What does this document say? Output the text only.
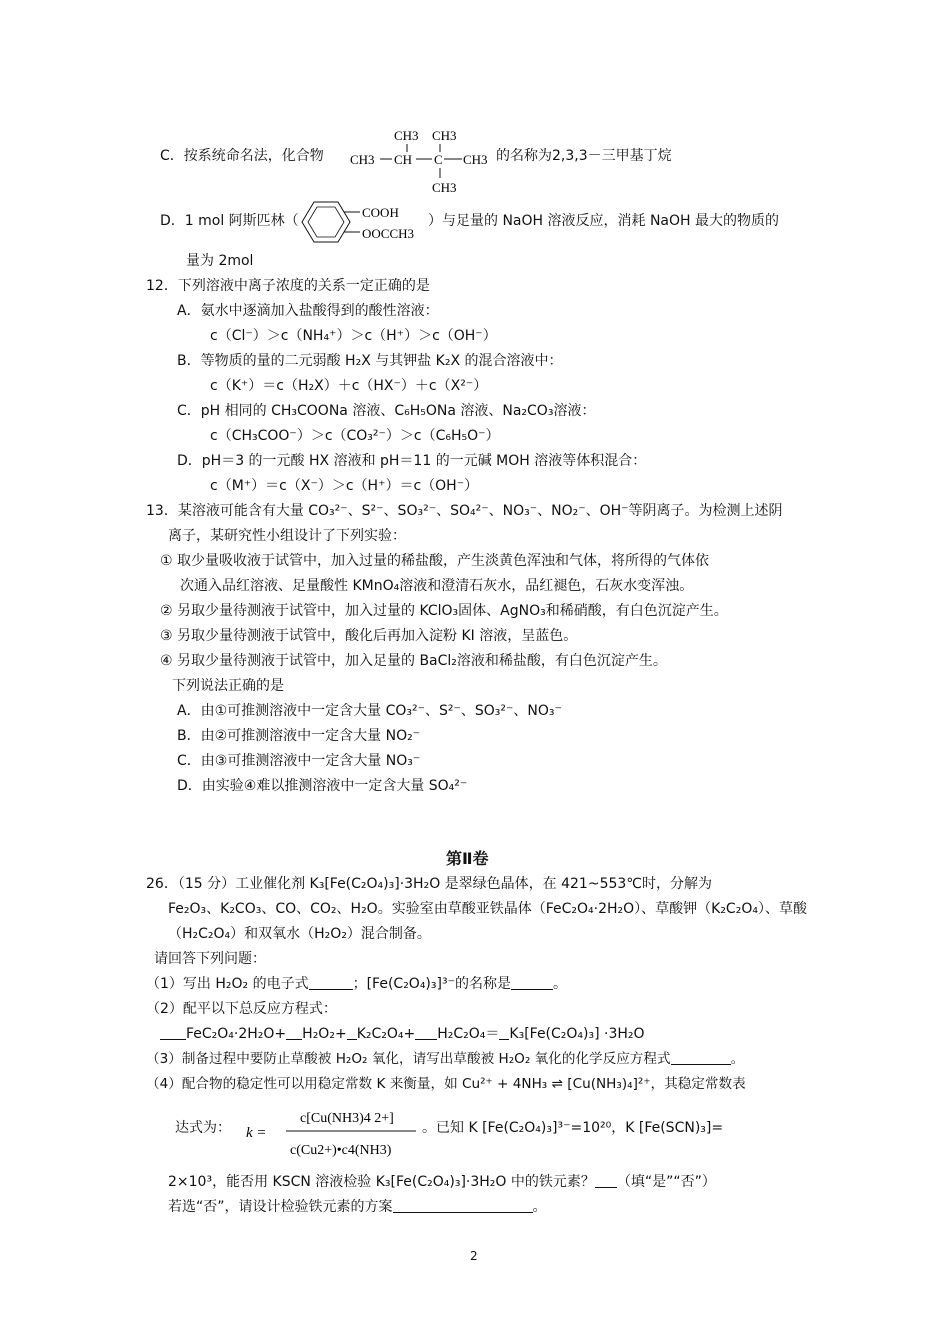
C．按系统命名法，化合物
CH3 CH3
CH3 CH C CH3
CH3
的名称为2,3,3－三甲基丁烷
D．1 mol 阿斯匹林（
COOH
OOCCH3
）与足量的 NaOH 溶液反应，消耗 NaOH 最大的物质的
量为 2mol
12．下列溶液中离子浓度的关系一定正确的是
A．氨水中逐滴加入盐酸得到的酸性溶液：
c（Cl⁻）＞c（NH₄⁺）＞c（H⁺）＞c（OH⁻）
B．等物质的量的二元弱酸 H₂X 与其钾盐 K₂X 的混合溶液中：
c（K⁺）＝c（H₂X）＋c（HX⁻）＋c（X²⁻）
C．pH 相同的 CH₃COONa 溶液、C₆H₅ONa 溶液、Na₂CO₃溶液：
c（CH₃COO⁻）＞c（CO₃²⁻）＞c（C₆H₅O⁻）
D．pH＝3 的一元酸 HX 溶液和 pH＝11 的一元碱 MOH 溶液等体积混合：
c（M⁺）＝c（X⁻）＞c（H⁺）＝c（OH⁻）
13．某溶液可能含有大量 CO₃²⁻、S²⁻、SO₃²⁻、SO₄²⁻、NO₃⁻、NO₂⁻、OH⁻等阴离子。为检测上述阴
离子，某研究性小组设计了下列实验：
① 取少量吸收液于试管中，加入过量的稀盐酸，产生淡黄色浑浊和气体，将所得的气体依
次通入品红溶液、足量酸性 KMnO₄溶液和澄清石灰水，品红褪色，石灰水变浑浊。
② 另取少量待测液于试管中，加入过量的 KClO₃固体、AgNO₃和稀硝酸，有白色沉淀产生。
③ 另取少量待测液于试管中，酸化后再加入淀粉 KI 溶液，呈蓝色。
④ 另取少量待测液于试管中，加入足量的 BaCl₂溶液和稀盐酸，有白色沉淀产生。
下列说法正确的是
A．由①可推测溶液中一定含大量 CO₃²⁻、S²⁻、SO₃²⁻、NO₃⁻
B．由②可推测溶液中一定含大量 NO₂⁻
C．由③可推测溶液中一定含大量 NO₃⁻
D．由实验④难以推测溶液中一定含大量 SO₄²⁻
第Ⅱ卷
26．（15 分）工业催化剂 K₃[Fe(C₂O₄)₃]·3H₂O 是翠绿色晶体，在 421~553℃时，分解为
Fe₂O₃、K₂CO₃、CO、CO₂、H₂O。实验室由草酸亚铁晶体（FeC₂O₄·2H₂O）、草酸钾（K₂C₂O₄）、草酸
（H₂C₂O₄）和双氧水（H₂O₂）混合制备。
请回答下列问题：
（1）写出 H₂O₂ 的电子式	；[Fe(C₂O₄)₃]³⁻的名称是	。
（2）配平以下总反应方程式：
FeC₂O₄·2H₂O+ H₂O₂+ K₂C₂O₄+ H₂C₂O₄＝ K₃[Fe(C₂O₄)₃] ·3H₂O
（3）制备过程中要防止草酸被 H₂O₂ 氧化，请写出草酸被 H₂O₂ 氧化的化学反应方程式	。
（4）配合物的稳定性可以用稳定常数 K 来衡量，如 Cu²⁺ + 4NH₃ ⇌ [Cu(NH₃)₄]²⁺，其稳定常数表
达式为： k =
c[Cu(NH3)4 2+]
c(Cu2+)•c4(NH3)
。已知 K [Fe(C₂O₄)₃]³⁻=10²⁰，K [Fe(SCN)₃]=
2×10³，能否用 KSCN 溶液检验 K₃[Fe(C₂O₄)₃]·3H₂O 中的铁元素？ （填“是”“否”）
若选“否”，请设计检验铁元素的方案	。
2
